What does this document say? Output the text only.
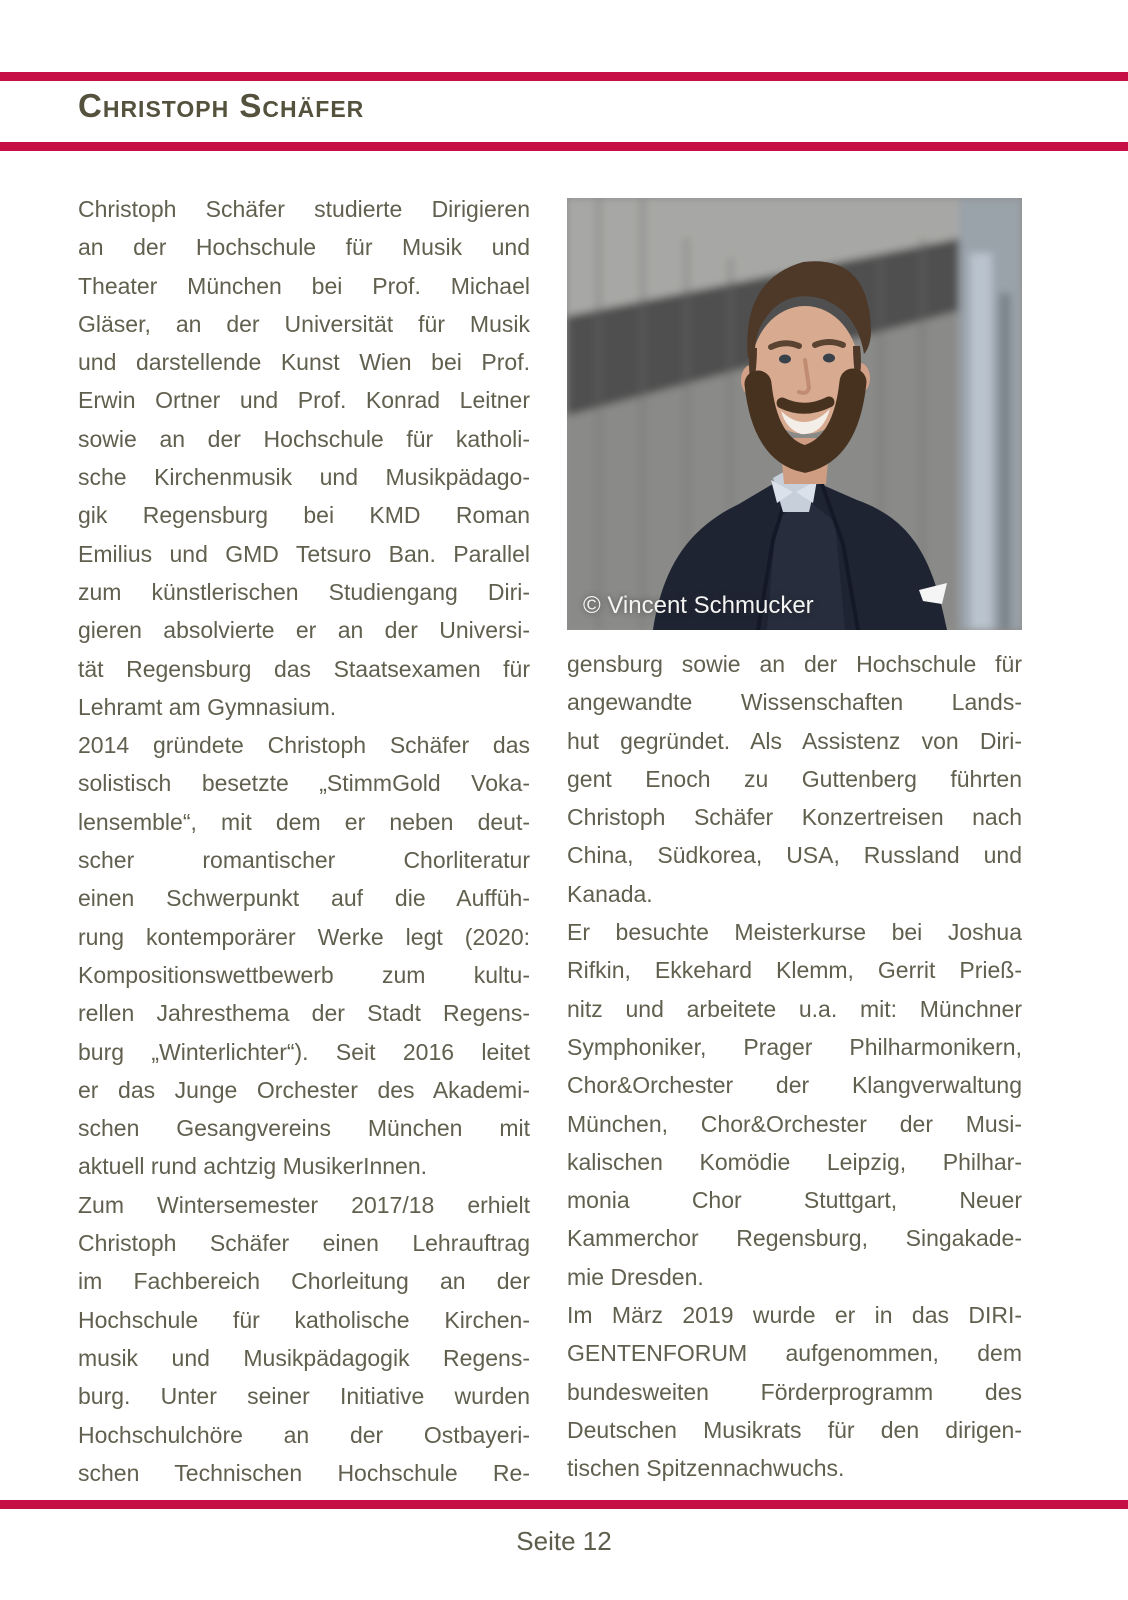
Christoph Schäfer
Christoph Schäfer studierte Dirigieren
an der Hochschule für Musik und
Theater München bei Prof. Michael
Gläser, an der Universität für Musik
und darstellende Kunst Wien bei Prof.
Erwin Ortner und Prof. Konrad Leitner
sowie an der Hochschule für katholi-
sche Kirchenmusik und Musikpädago-
gik Regensburg bei KMD Roman
Emilius und GMD Tetsuro Ban. Parallel
zum künstlerischen Studiengang Diri-
gieren absolvierte er an der Universi-
tät Regensburg das Staatsexamen für
Lehramt am Gymnasium.
2014 gründete Christoph Schäfer das
solistisch besetzte „StimmGold Voka-
lensemble“, mit dem er neben deut-
scher romantischer Chorliteratur
einen Schwerpunkt auf die Auffüh-
rung kontemporärer Werke legt (2020:
Kompositionswettbewerb zum kultu-
rellen Jahresthema der Stadt Regens-
burg „Winterlichter“). Seit 2016 leitet
er das Junge Orchester des Akademi-
schen Gesangvereins München mit
aktuell rund achtzig MusikerInnen.
Zum Wintersemester 2017/18 erhielt
Christoph Schäfer einen Lehrauftrag
im Fachbereich Chorleitung an der
Hochschule für katholische Kirchen-
musik und Musikpädagogik Regens-
burg. Unter seiner Initiative wurden
Hochschulchöre an der Ostbayeri-
schen Technischen Hochschule Re-
© Vincent Schmucker
gensburg sowie an der Hochschule für
angewandte Wissenschaften Lands-
hut gegründet. Als Assistenz von Diri-
gent Enoch zu Guttenberg führten
Christoph Schäfer Konzertreisen nach
China, Südkorea, USA, Russland und
Kanada.
Er besuchte Meisterkurse bei Joshua
Rifkin, Ekkehard Klemm, Gerrit Prieß-
nitz und arbeitete u.a. mit: Münchner
Symphoniker, Prager Philharmonikern,
Chor&Orchester der Klangverwaltung
München, Chor&Orchester der Musi-
kalischen Komödie Leipzig, Philhar-
monia Chor Stuttgart, Neuer
Kammerchor Regensburg, Singakade-
mie Dresden.
Im März 2019 wurde er in das DIRI-
GENTENFORUM aufgenommen, dem
bundesweiten Förderprogramm des
Deutschen Musikrats für den dirigen-
tischen Spitzennachwuchs.
Seite 12
